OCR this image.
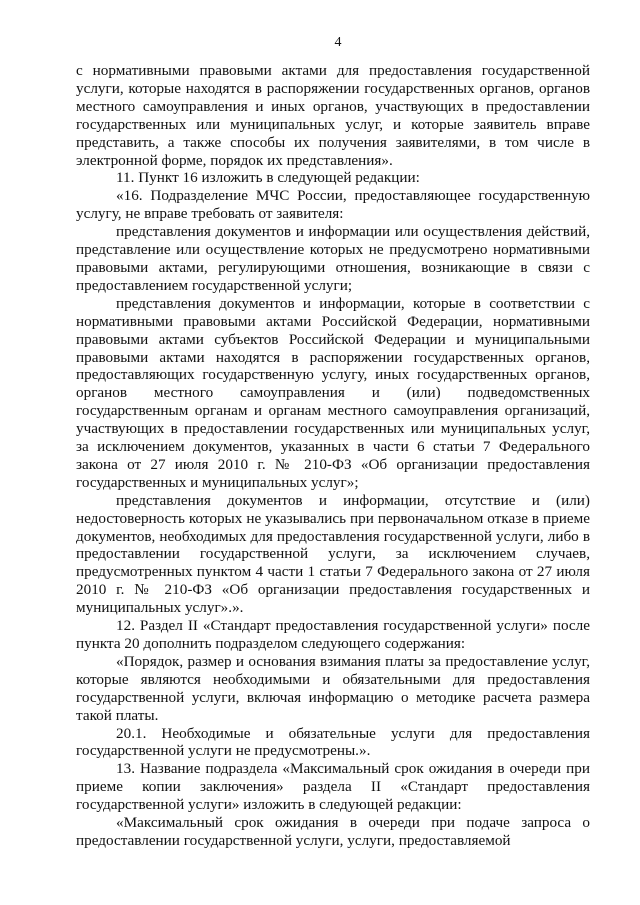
4

с нормативными правовыми актами для предоставления государственной услуги, которые находятся в распоряжении государственных органов, органов местного самоуправления и иных органов, участвующих в предоставлении государственных или муниципальных услуг, и которые заявитель вправе представить, а также способы их получения заявителями, в том числе в электронной форме, порядок их представления».

11. Пункт 16 изложить в следующей редакции:

«16. Подразделение МЧС России, предоставляющее государственную услугу, не вправе требовать от заявителя:

представления документов и информации или осуществления действий, представление или осуществление которых не предусмотрено нормативными правовыми актами, регулирующими отношения, возникающие в связи с предоставлением государственной услуги;

представления документов и информации, которые в соответствии с нормативными правовыми актами Российской Федерации, нормативными правовыми актами субъектов Российской Федерации и муниципальными правовыми актами находятся в распоряжении государственных органов, предоставляющих государственную услугу, иных государственных органов, органов местного самоуправления и (или) подведомственных государственным органам и органам местного самоуправления организаций, участвующих в предоставлении государственных или муниципальных услуг, за исключением документов, указанных в части 6 статьи 7 Федерального закона от 27 июля 2010 г. № 210-ФЗ «Об организации предоставления государственных и муниципальных услуг»;

представления документов и информации, отсутствие и (или) недостоверность которых не указывались при первоначальном отказе в приеме документов, необходимых для предоставления государственной услуги, либо в предоставлении государственной услуги, за исключением случаев, предусмотренных пунктом 4 части 1 статьи 7 Федерального закона от 27 июля 2010 г. № 210-ФЗ «Об организации предоставления государственных и муниципальных услуг».».

12. Раздел II «Стандарт предоставления государственной услуги» после пункта 20 дополнить подразделом следующего содержания:

«Порядок, размер и основания взимания платы за предоставление услуг, которые являются необходимыми и обязательными для предоставления государственной услуги, включая информацию о методике расчета размера такой платы.

20.1. Необходимые и обязательные услуги для предоставления государственной услуги не предусмотрены.».

13. Название подраздела «Максимальный срок ожидания в очереди при приеме копии заключения» раздела II «Стандарт предоставления государственной услуги» изложить в следующей редакции:

«Максимальный срок ожидания в очереди при подаче запроса о предоставлении государственной услуги, услуги, предоставляемой
